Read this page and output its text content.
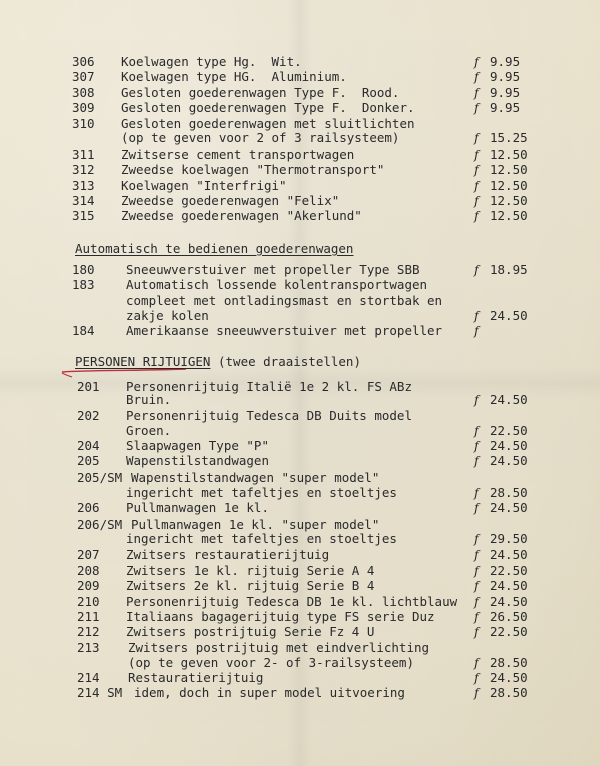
306 Koelwagen type Hg.  Wit.	f 9.95
307 Koelwagen type HG.  Aluminium.	f 9.95
308 Gesloten goederenwagen Type F.  Rood.	f 9.95
309 Gesloten goederenwagen Type F.  Donker.	f 9.95
310 Gesloten goederenwagen met sluitlichten
(op te geven voor 2 of 3 railsysteem)	f 15.25
311 Zwitserse cement transportwagen	f 12.50
312 Zweedse koelwagen "Thermotransport"	f 12.50
313 Koelwagen "Interfrigi"	f 12.50
314 Zweedse goederenwagen "Felix"	f 12.50
315 Zweedse goederenwagen "Akerlund"	f 12.50
Automatisch te bedienen goederenwagen
180	Sneeuwverstuiver met propeller Type SBB	f 18.95
183	Automatisch lossende kolentransportwagen
compleet met ontladingsmast en stortbak en
zakje kolen	f 24.50
184	Amerikaanse sneeuwverstuiver met propeller	f
PERSONEN RIJTUIGEN (twee draaistellen)
201 Personenrijtuig Italië 1e 2 kl. FS ABz
Bruin.	f 24.50
202 Personenrijtuig Tedesca DB Duits model
Groen.	f 22.50
204 Slaapwagen Type "P"	f 24.50
205 Wapenstilstandwagen	f 24.50
205/SM Wapenstilstandwagen "super model"
ingericht met tafeltjes en stoeltjes	f 28.50
206 Pullmanwagen 1e kl.	f 24.50
206/SM Pullmanwagen 1e kl. "super model"
ingericht met tafeltjes en stoeltjes	f 29.50
207 Zwitsers restauratierijtuig	f 24.50
208 Zwitsers 1e kl. rijtuig Serie A 4	f 22.50
209 Zwitsers 2e kl. rijtuig Serie B 4	f 24.50
210 Personenrijtuig Tedesca DB 1e kl. lichtblauw f 24.50
211 Italiaans bagagerijtuig type FS serie Duz	f 26.50
212 Zwitsers postrijtuig Serie Fz 4 U	f 22.50
213 Zwitsers postrijtuig met eindverlichting
(op te geven voor 2- of 3-railsysteem)	f 28.50
214 Restauratierijtuig	f 24.50
214 SM idem, doch in super model uitvoering	f 28.50
